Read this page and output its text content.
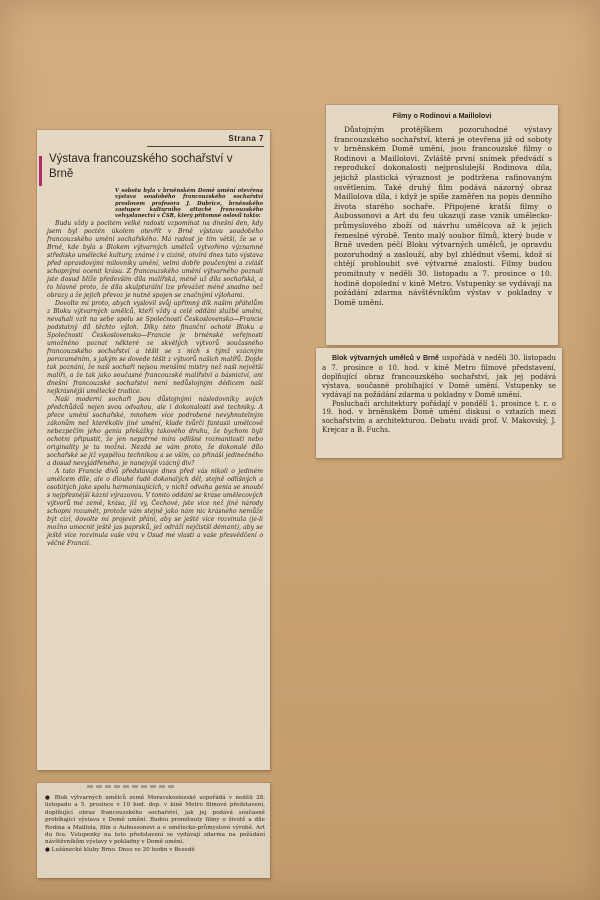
Strana 7
Výstava francouzského sochařství v Brně
V sobotu byla v brněnském Domě umění otevřena výstava soudobého francouzského sochařství proslovem profesora J. Dubrice, brněnského zastupce kulturního attaché francouzského velvyslanectví v ČSR, který přítomné oslovil takto:

Budu vždy s pocitem velké radosti vzpomínat na dnešní den, kdy jsem byl poctěn úkolem otevřít v Brně výstavu soudobého francouzského umění sochařského. Má radost je tím větší, že se v Brně, kde byla s Blokem výtvarných umělců vytvořeno významné středisko umělecké kultury, známé i v cizině, otvírá dnes tato výstava před opravdovými milovníky umění, velmi dobře poučenými a zvlášť schopnými ocenit krásu. Z francouzského umění výtvarného poznali jste dosud blíže především díla malířská, méně už díla sochařská, a to hlavně proto, že díla skulpturální lze převážet méně snadno než obrazy a že jejich převoz je nutně spojen se značnými výlohami.

Dovolte mi proto, abych vyslovil svůj upřímný dík našim přátelům z Bloku výtvarných umělců, kteří vždy a celé oddáni službě umění, nevahali vzít na sebe spolu se Společností Československo—Francie podstatný díl těchto výloh. Díky této finanční ochotě Bloku a Společnosti Československo—Francie je brněnské veřejnosti umožněno poznat některé ze skvělých výtvorů současného francouzského sochařství a těšit se z nich s týmž vzácným porozuměním, s jakým se dovede těšit z výtvorů našich malířů. Dojde tak poznání, že naši sochaři nejsou menšími mistry než naši největší malíři, a že tak jako současné francouzské malířství a básnictví, ani dnešní francouzské sochařství není nedůstojným dědicem naší nejkrásnější umělecké tradice.

Naši moderní sochaři jsou důstojnými následovníky svých předchůdců nejen svou odvahou, ale i dokonalostí své techniky. A přece umění sochařské, mnohem více podrobené nevyhnutelným zákonům než kterékoliv jiné umění, klade tvůrčí fantasii umělcově nebezpečím jeho genia překážky takového druhu, že bychom byli ochotni připustit, že jen nepatrné míra odlišné rozmanitosti nebo originality je tu možná. Nezdá se vám proto, že dokonalé dílo sochařské se již vyspělou technikou a se vším, co přináší jedinečného a dosud nevyjádřeného, je nanejvýš vzácný div?

A tato Francie divů představuje dnes před vás nikoli o jediném umělcem díle, ale o dlouhé řadě dokonalých děl, stejně odlišných a osobitých jako spolu harmonisujících, v nichž odvaha genia se snoubí s nejpřesnější kázní výrazovou. V tomto oddání se kráse umělecových výtvorů mé země, krása, jíž vy, Čechové, jste více než jiné národy schopni rozumět, protože vám stejně jako nám nic krásného nemůže být cizí, dovolte mi projevit přání, aby se ještě více rozvinula (je-li možno umocnit ještě jas paprsků, jež odráží nejčistší démant), aby se ještě více rozvinula vaše víra v Osud mé vlasti a vaše přesvědčení o věčné Francii.

● Blok výtvarných umělců země Moravskoslezské uspořádá v neděli 28. listopadu a 5. prosince v 10 hod. dop. v kině Metro filmové představení, doplňující obraz francouzského sochařství, jak jej podává současně probíhající výstava v Domě umění. Budou promítnuty filmy o životě a díle Rodina a Maillola, film o Aubussonovi a o umělecko-průmyslové výrobě. Art du feu. Vstupenky na toto představení se vydávají zdarma na požádání návštěvníkům výstavy v pokladny v Domě umění.

● Lužánecké kluby Brno. Dnes ve 20 hodin v Besedě

Filmy o Rodinovi a Maillolovi

Důstojným protějškem pozoruhodné výstavy francouzského sochařství, která je otevřena již od soboty v brněnském Domě umění, jsou francouzské filmy o Rodinovi a Maillolovi. Zvláště první snímek předvádí s reprodukcí dokonalosti nejproslulejší Rodinova díla, jejichž plastická výraznost je podtržena rafinovaným osvětlením. Také druhý film podává názorný obraz Maillolova díla, i když je spíše zaměřen na popis denního života starého sochaře. Připojené kratší filmy o Aubussonovi a Art du feu ukazují zase vznik umělecko-průmyslového zboží od návrhu umělcova až k jejich řemeslné výrobě. Tento malý soubor filmů, který bude v Brně uveden péčí Bloku výtvarných umělců, je opravdu pozoruhodný a zaslouží, aby byl zhlédnut všemi, kdož si chtějí prohloubit své výtvarné znalosti. Filmy budou promítnuty v neděli 30. listopadu a 7. prosince o 10. hodině dopolední v kině Metro. Vstupenky se vydávají na požádání zdarma návštěvníkům výstav v pokladny v Domě umění.

Blok výtvarných umělců v Brně uspořádá v neděli 30. listopadu a 7. prosince o 10. hod. v kině Metro filmové představení, doplňující obraz francouzského sochařství, jak jej podává výstava, současně probíhající v Domě umění. Vstupenky se vydávají na požádání zdarma u pokladny v Domě umění.

Posluchači architektury pořádají v pondělí 1. prosince t. r. o 19. hod. v brněnském Domě umění diskusi o vztazích mezi sochařstvím a architekturou. Debatu uvádí prof. V. Makovský, J. Krejcar a B. Fuchs.
